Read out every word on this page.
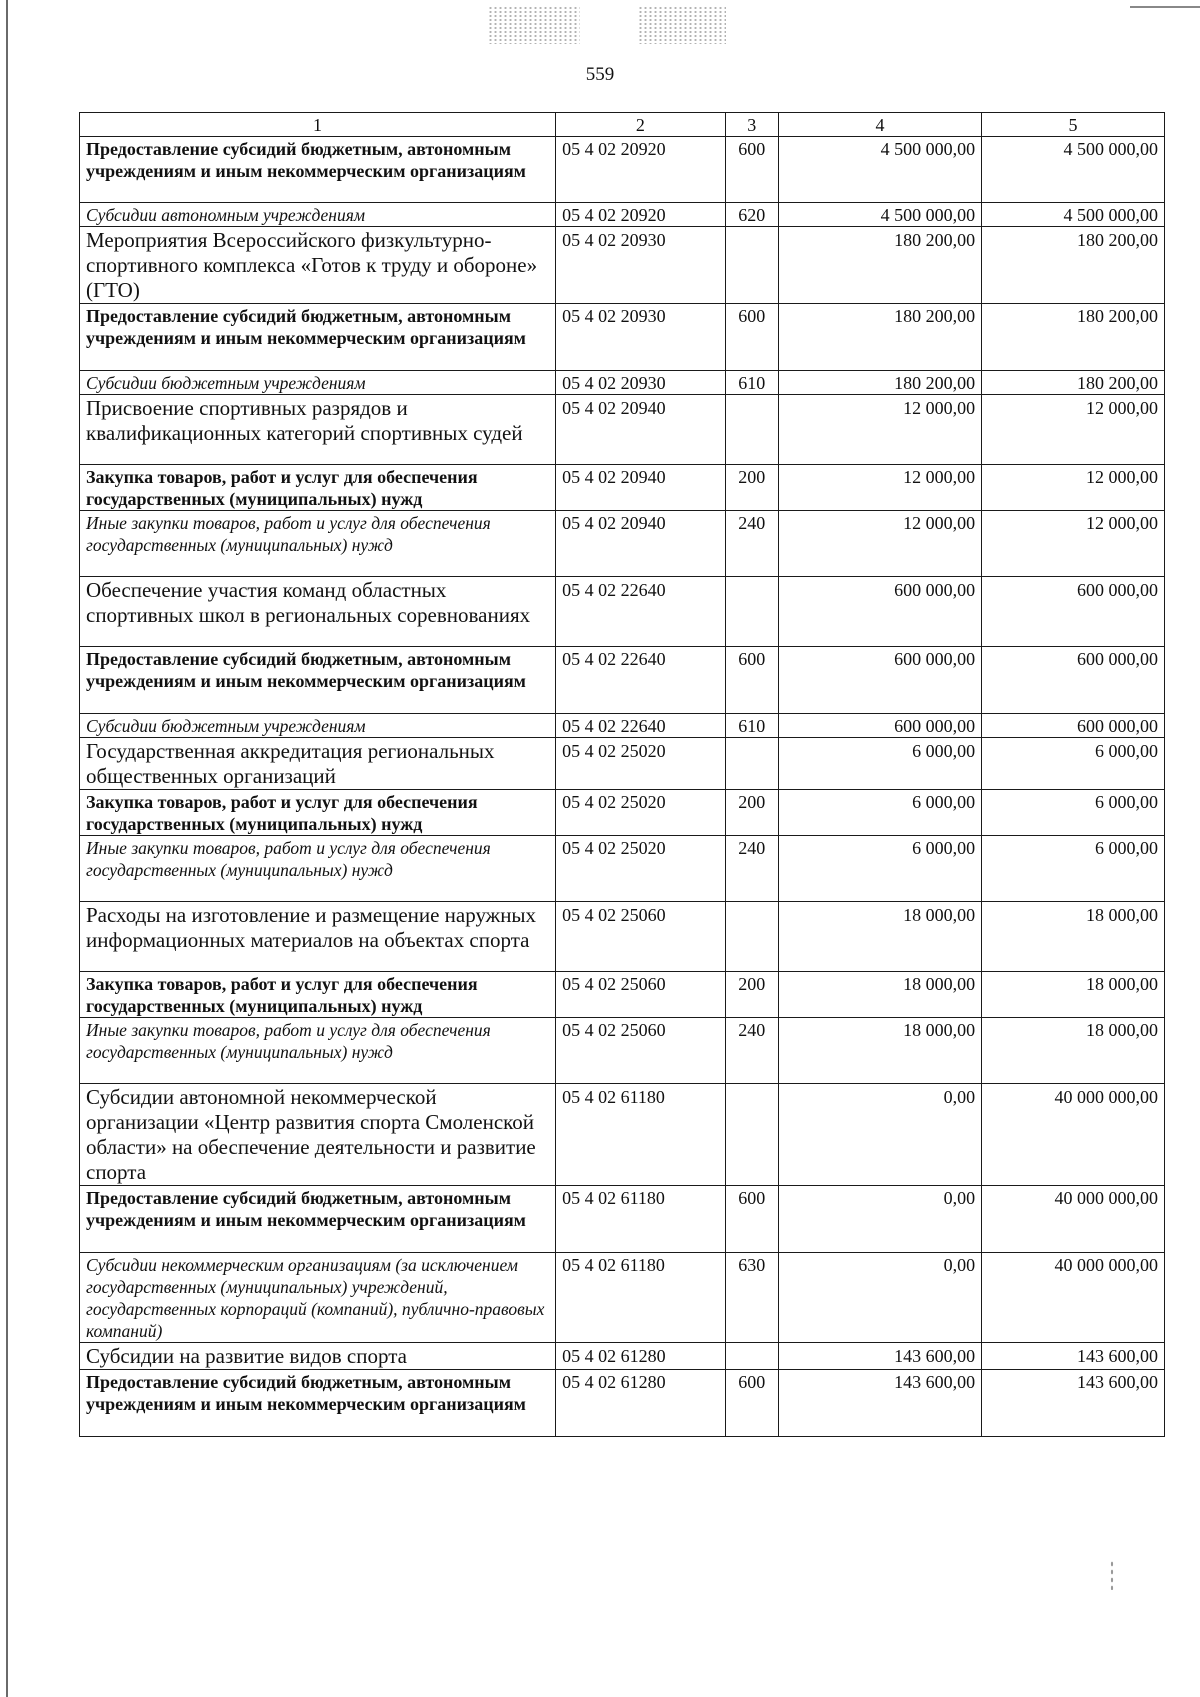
559
1	2	3	4	5
Предоставление субсидий бюджетным, автономным учреждениям и иным некоммерческим организациям	05 4 02 20920	600	4 500 000,00	4 500 000,00
Субсидии автономным учреждениям	05 4 02 20920	620	4 500 000,00	4 500 000,00
Мероприятия Всероссийского физкультурно-спортивного комплекса «Готов к труду и обороне» (ГТО)	05 4 02 20930		180 200,00	180 200,00
Предоставление субсидий бюджетным, автономным учреждениям и иным некоммерческим организациям	05 4 02 20930	600	180 200,00	180 200,00
Субсидии бюджетным учреждениям	05 4 02 20930	610	180 200,00	180 200,00
Присвоение спортивных разрядов и квалификационных категорий спортивных судей	05 4 02 20940		12 000,00	12 000,00
Закупка товаров, работ и услуг для обеспечения государственных (муниципальных) нужд	05 4 02 20940	200	12 000,00	12 000,00
Иные закупки товаров, работ и услуг для обеспечения государственных (муниципальных) нужд	05 4 02 20940	240	12 000,00	12 000,00
Обеспечение участия команд областных спортивных школ в региональных соревнованиях	05 4 02 22640		600 000,00	600 000,00
Предоставление субсидий бюджетным, автономным учреждениям и иным некоммерческим организациям	05 4 02 22640	600	600 000,00	600 000,00
Субсидии бюджетным учреждениям	05 4 02 22640	610	600 000,00	600 000,00
Государственная аккредитация региональных общественных организаций	05 4 02 25020		6 000,00	6 000,00
Закупка товаров, работ и услуг для обеспечения государственных (муниципальных) нужд	05 4 02 25020	200	6 000,00	6 000,00
Иные закупки товаров, работ и услуг для обеспечения государственных (муниципальных) нужд	05 4 02 25020	240	6 000,00	6 000,00
Расходы на изготовление и размещение наружных информационных материалов на объектах спорта	05 4 02 25060		18 000,00	18 000,00
Закупка товаров, работ и услуг для обеспечения государственных (муниципальных) нужд	05 4 02 25060	200	18 000,00	18 000,00
Иные закупки товаров, работ и услуг для обеспечения государственных (муниципальных) нужд	05 4 02 25060	240	18 000,00	18 000,00
Субсидии автономной некоммерческой организации «Центр развития спорта Смоленской области» на обеспечение деятельности и развитие спорта	05 4 02 61180		0,00	40 000 000,00
Предоставление субсидий бюджетным, автономным учреждениям и иным некоммерческим организациям	05 4 02 61180	600	0,00	40 000 000,00
Субсидии некоммерческим организациям (за исключением государственных (муниципальных) учреждений, государственных корпораций (компаний), публично-правовых компаний)	05 4 02 61180	630	0,00	40 000 000,00
Субсидии на развитие видов спорта	05 4 02 61280		143 600,00	143 600,00
Предоставление субсидий бюджетным, автономным учреждениям и иным некоммерческим организациям	05 4 02 61280	600	143 600,00	143 600,00
